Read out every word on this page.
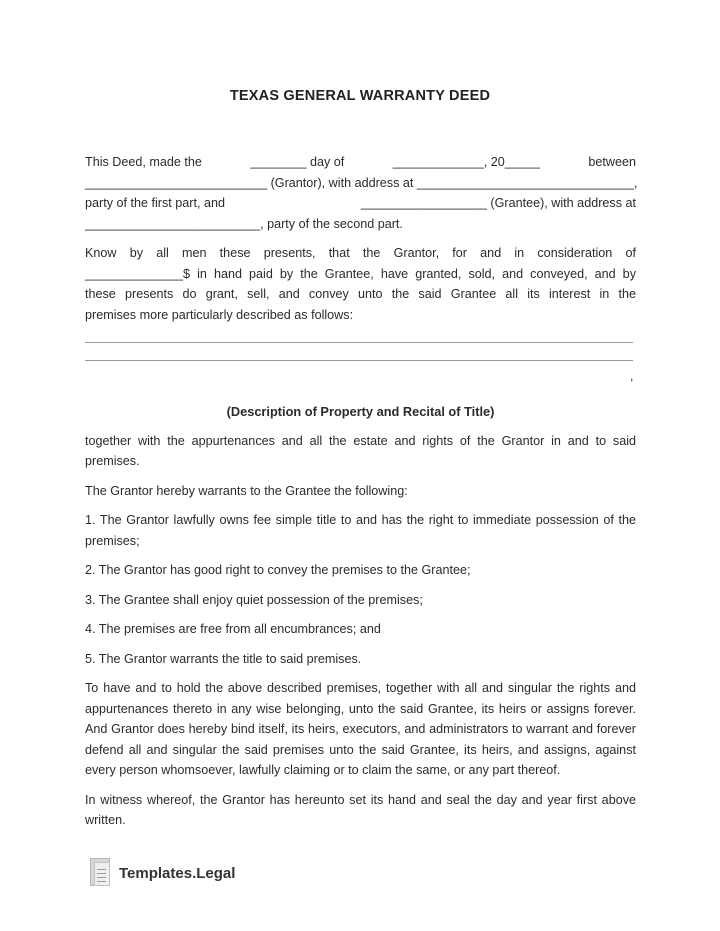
TEXAS GENERAL WARRANTY DEED

This Deed, made the	________ day of	_____________, 20_____	between
__________________________ (Grantor), with address at _______________________________,
party of the first part, and	__________________ (Grantee), with address at
_________________________, party of the second part.

Know by all men these presents, that the Grantor, for and in consideration of
______________$ in hand paid by the Grantee, have granted, sold, and conveyed, and by
these presents do grant, sell, and convey unto the said Grantee all its interest in the
premises more particularly described as follows:

,
(Description of Property and Recital of Title)

together with the appurtenances and all the estate and rights of the Grantor in and to said premises.

The Grantor hereby warrants to the Grantee the following:

1. The Grantor lawfully owns fee simple title to and has the right to immediate possession of the premises;

2. The Grantor has good right to convey the premises to the Grantee;

3. The Grantee shall enjoy quiet possession of the premises;

4. The premises are free from all encumbrances; and

5. The Grantor warrants the title to said premises.

To have and to hold the above described premises, together with all and singular the rights and appurtenances thereto in any wise belonging, unto the said Grantee, its heirs or assigns forever. And Grantor does hereby bind itself, its heirs, executors, and administrators to warrant and forever defend all and singular the said premises unto the said Grantee, its heirs, and assigns, against every person whomsoever, lawfully claiming or to claim the same, or any part thereof.

In witness whereof, the Grantor has hereunto set its hand and seal the day and year first above written.

Templates.Legal
